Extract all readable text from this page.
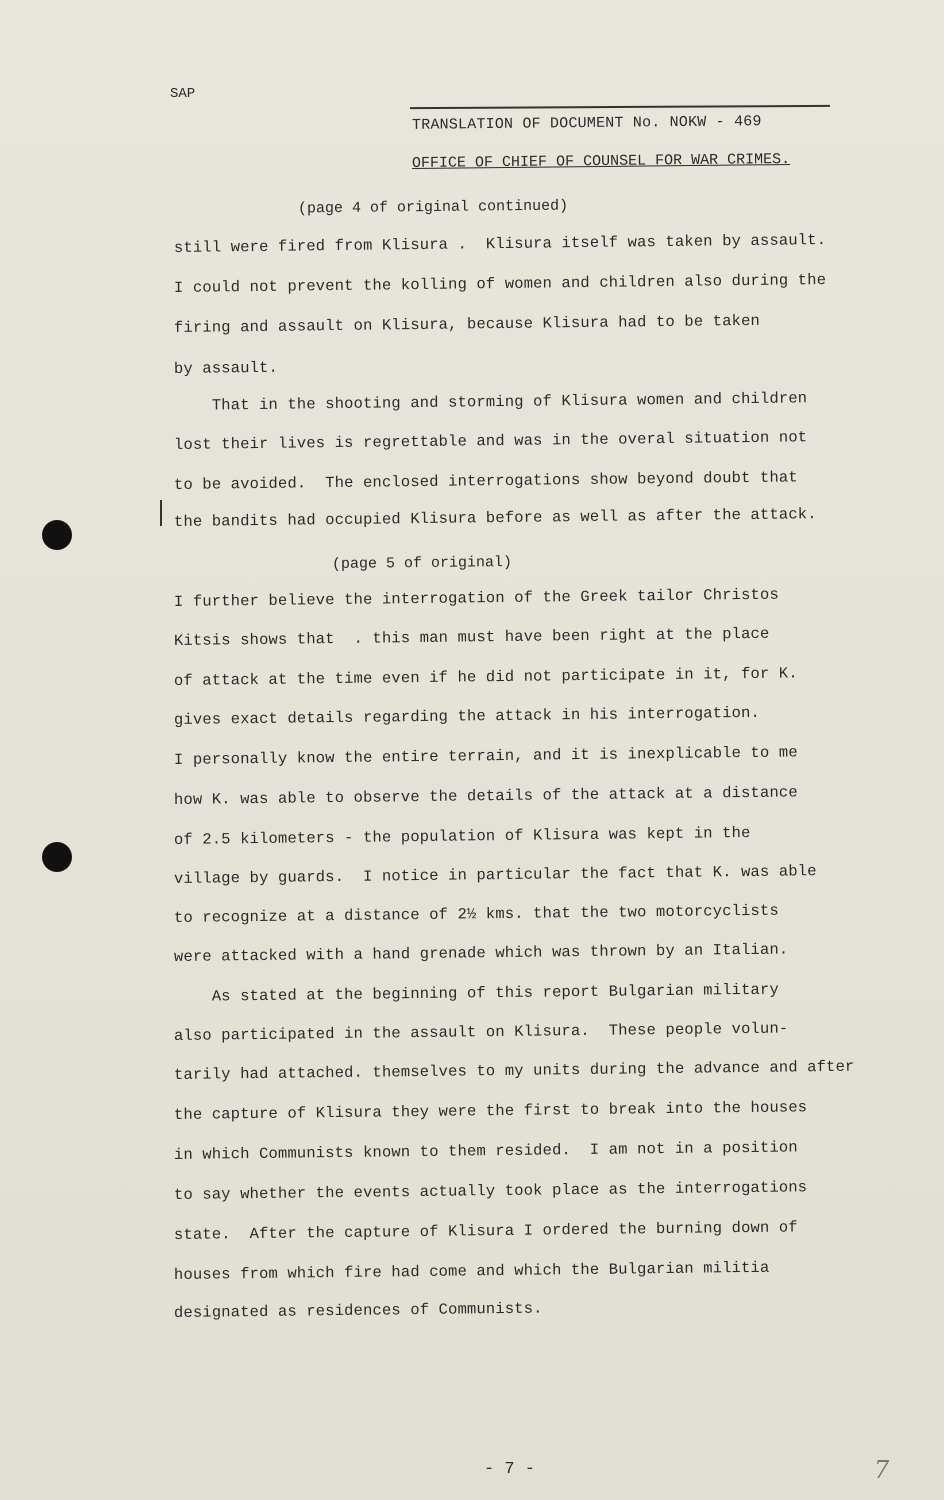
SAP
TRANSLATION OF DOCUMENT No. NOKW - 469
OFFICE OF CHIEF OF COUNSEL FOR WAR CRIMES.
(page 4 of original continued)
still were fired from Klisura .  Klisura itself was taken by assault.
I could not prevent the kolling of women and children also during the
firing and assault on Klisura, because Klisura had to be taken
by assault.
That in the shooting and storming of Klisura women and children
lost their lives is regrettable and was in the overal situation not
to be avoided.  The enclosed interrogations show beyond doubt that
the bandits had occupied Klisura before as well as after the attack.
(page 5 of original)
I further believe the interrogation of the Greek tailor Christos
Kitsis shows that  . this man must have been right at the place
of attack at the time even if he did not participate in it, for K.
gives exact details regarding the attack in his interrogation.
I personally know the entire terrain, and it is inexplicable to me
how K. was able to observe the details of the attack at a distance
of 2.5 kilometers - the population of Klisura was kept in the
village by guards.  I notice in particular the fact that K. was able
to recognize at a distance of 2½ kms. that the two motorcyclists
were attacked with a hand grenade which was thrown by an Italian.
As stated at the beginning of this report Bulgarian military
also participated in the assault on Klisura.  These people volun-
tarily had attached. themselves to my units during the advance and after
the capture of Klisura they were the first to break into the houses
in which Communists known to them resided.  I am not in a position
to say whether the events actually took place as the interrogations
state.  After the capture of Klisura I ordered the burning down of
houses from which fire had come and which the Bulgarian militia
designated as residences of Communists.
- 7 -	7
